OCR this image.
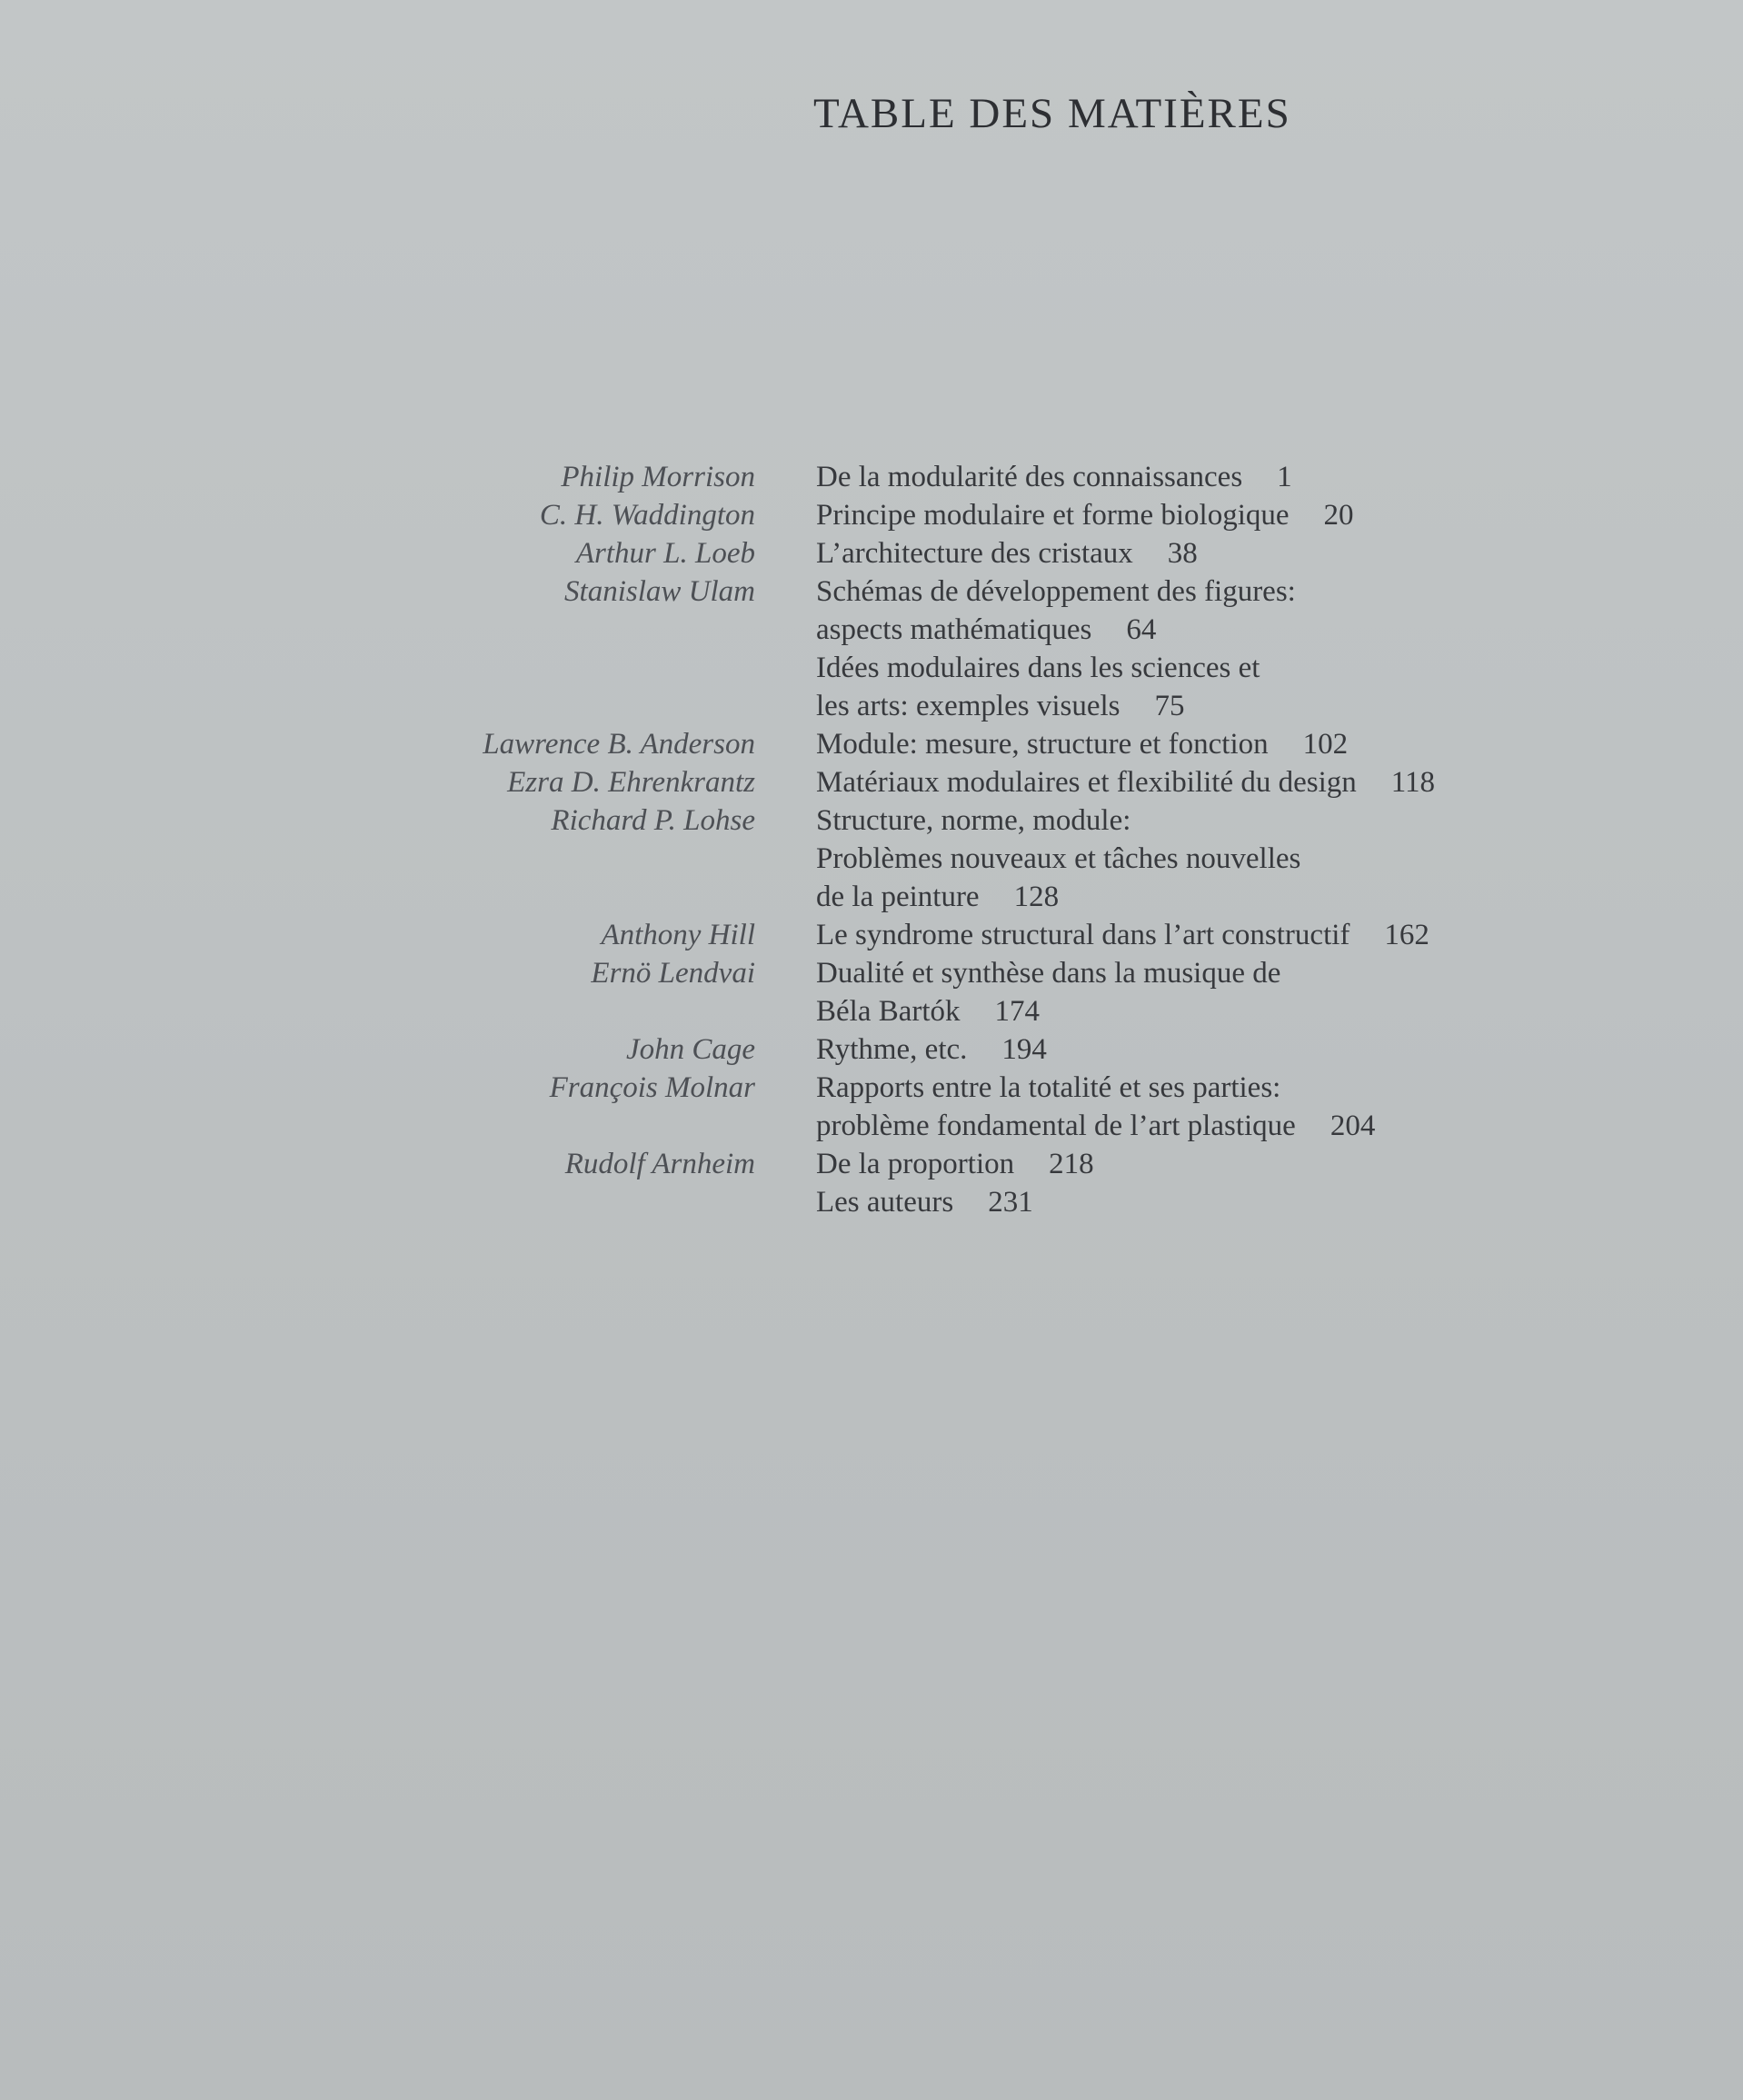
TABLE DES MATIÈRES
Philip Morrison De la modularité des connaissances 1
C. H. Waddington Principe modulaire et forme biologique 20
Arthur L. Loeb L’architecture des cristaux 38
Stanislaw Ulam Schémas de développement des figures:
aspects mathématiques 64
Idées modulaires dans les sciences et
les arts: exemples visuels 75
Lawrence B. Anderson Module: mesure, structure et fonction 102
Ezra D. Ehrenkrantz Matériaux modulaires et flexibilité du design 118
Richard P. Lohse Structure, norme, module:
Problèmes nouveaux et tâches nouvelles
de la peinture 128
Anthony Hill Le syndrome structural dans l’art constructif 162
Ernö Lendvai Dualité et synthèse dans la musique de
Béla Bartók 174
John Cage Rythme, etc. 194
François Molnar Rapports entre la totalité et ses parties:
problème fondamental de l’art plastique 204
Rudolf Arnheim De la proportion 218
Les auteurs 231
